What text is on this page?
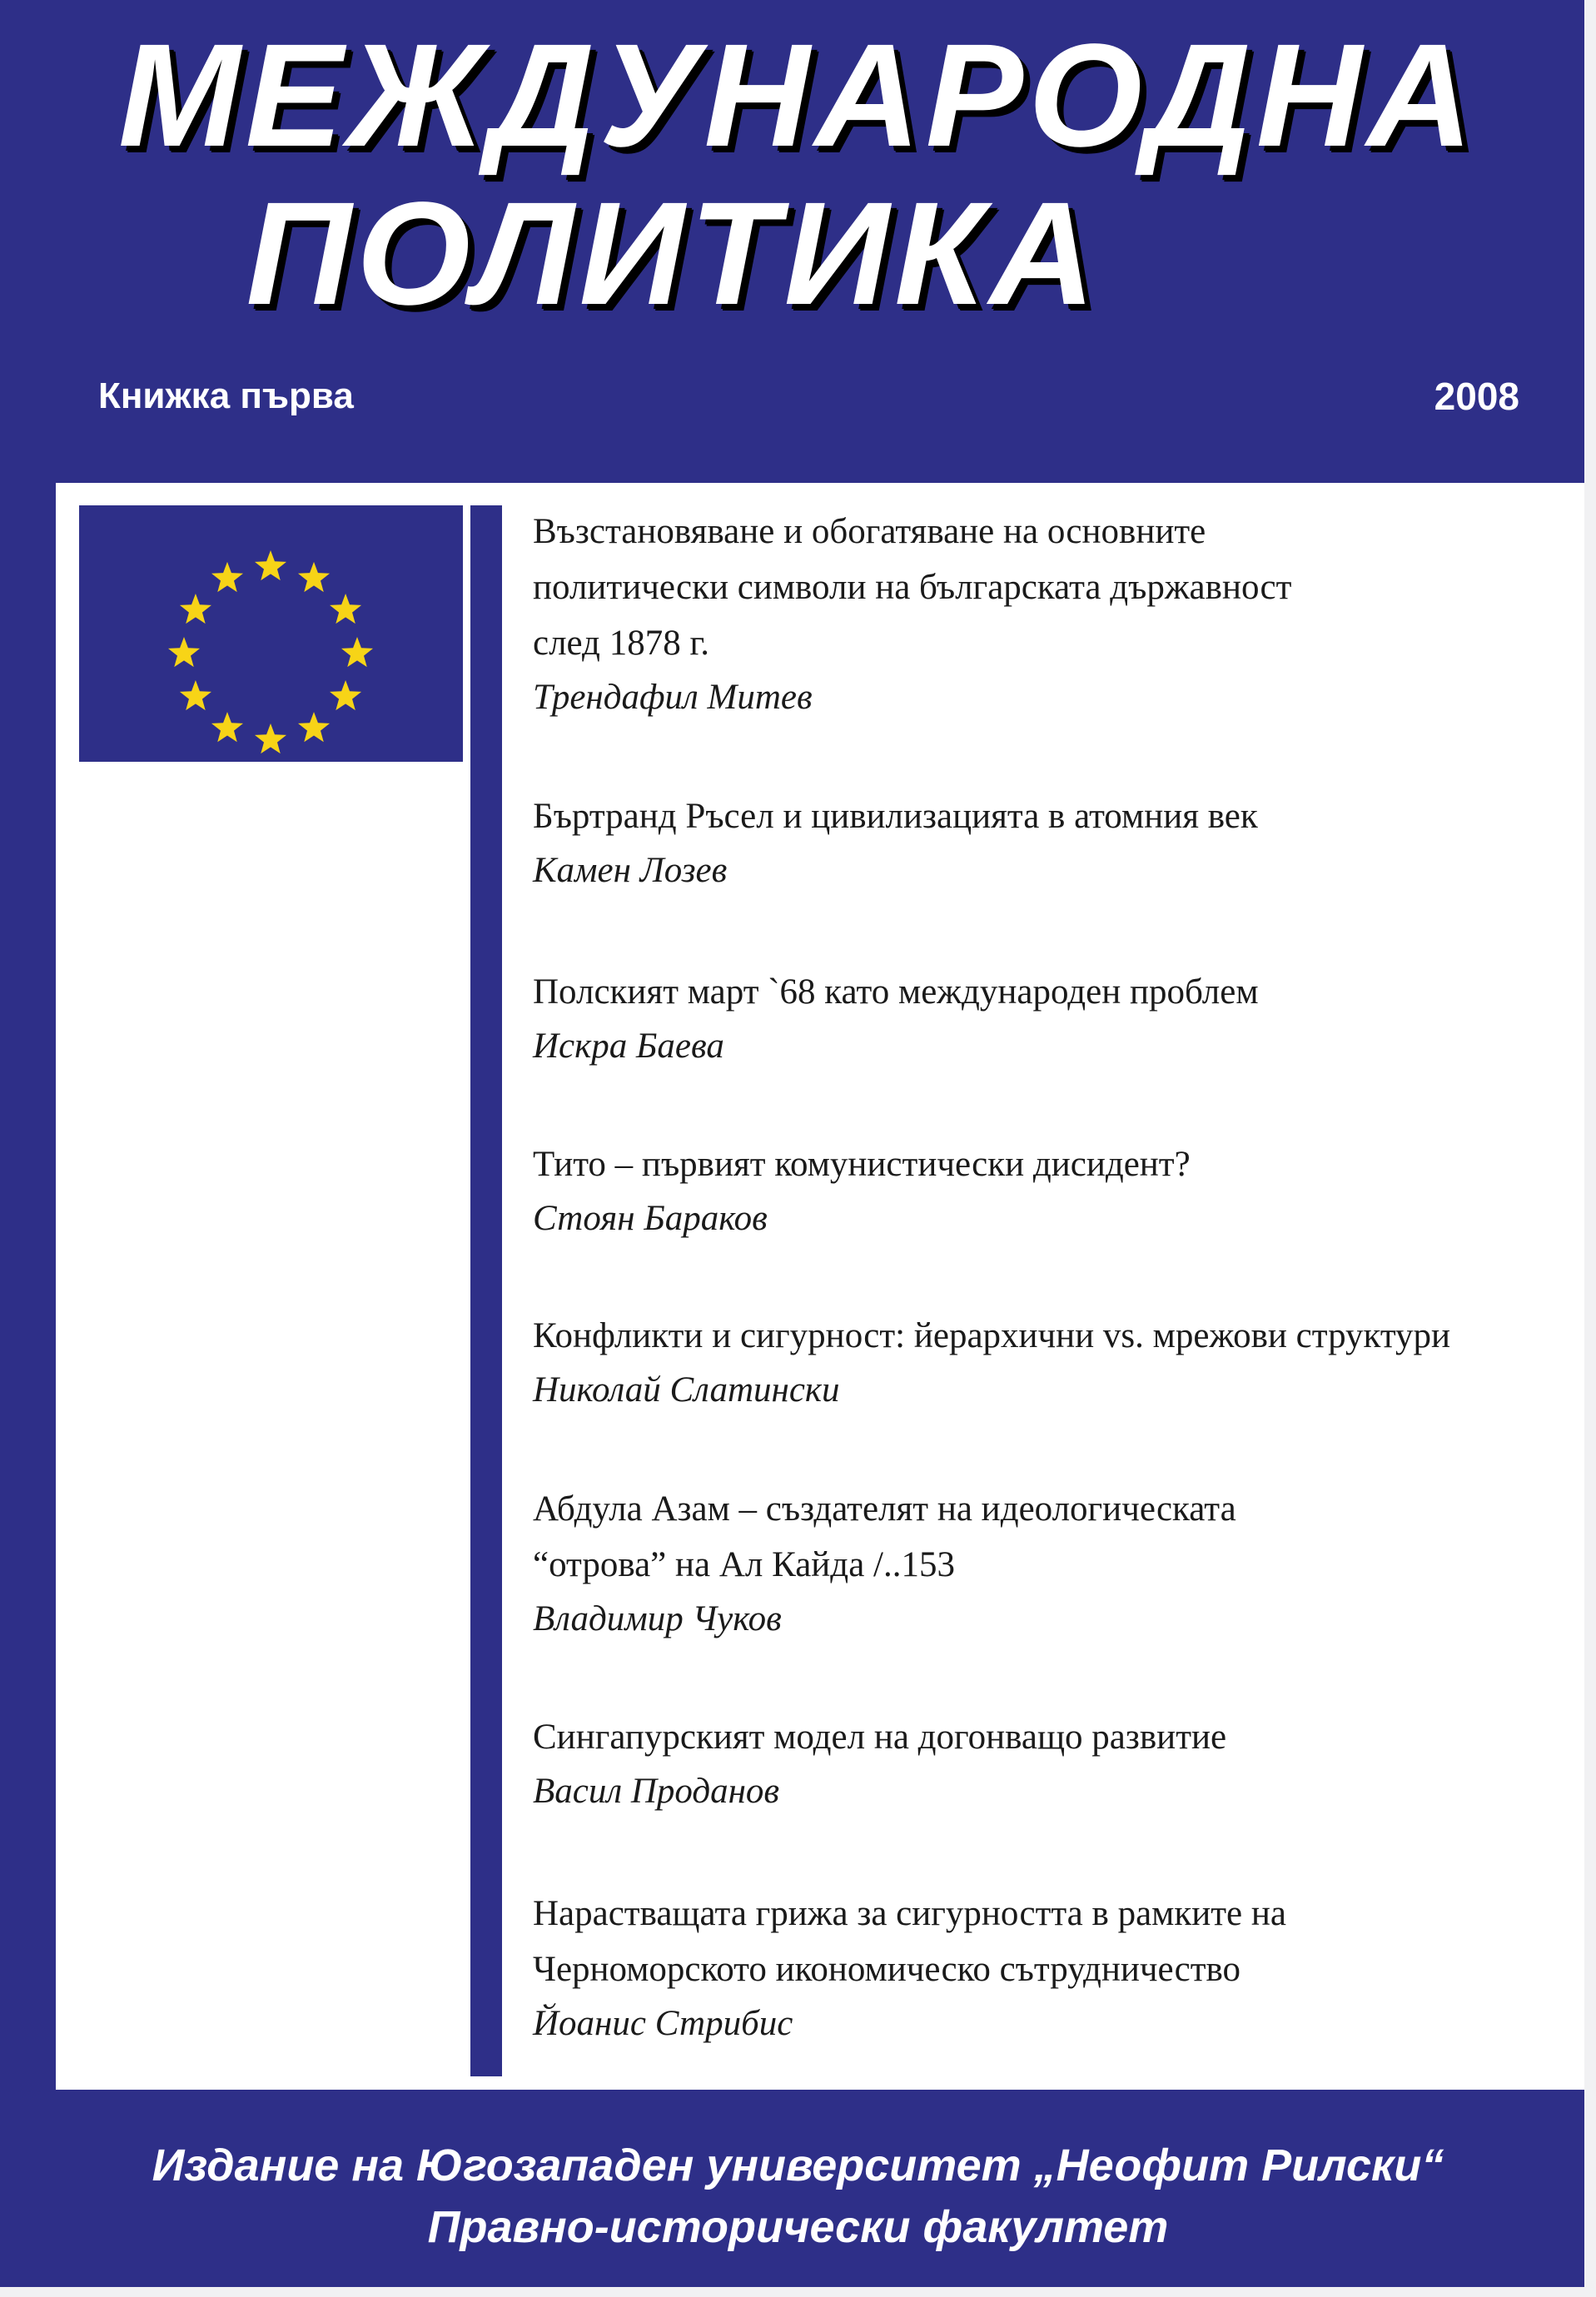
МЕЖДУНАРОДНА
ПОЛИТИКА
Книжка първа	2008
Възстановяване и обогатяване на основните
политически символи на българската държавност
след 1878 г.
Трендафил Митев
Бъртранд Ръсел и цивилизацията в атомния век
Камен Лозев
Полският март `68 като международен проблем
Искра Баева
Тито – първият комунистически дисидент?
Стоян Бараков
Конфликти и сигурност: йерархични vs. мрежови структури
Николай Слатински
Абдула Азам – създателят на идеологическата
“отрова” на Ал Кайда /..153
Владимир Чуков
Сингапурският модел на догонващо развитие
Васил Проданов
Нарастващата грижа за сигурността в рамките на
Черноморското икономическо сътрудничество
Йоанис Стрибис
Издание на Югозападен университет „Неофит Рилски“
Правно-исторически факултет
